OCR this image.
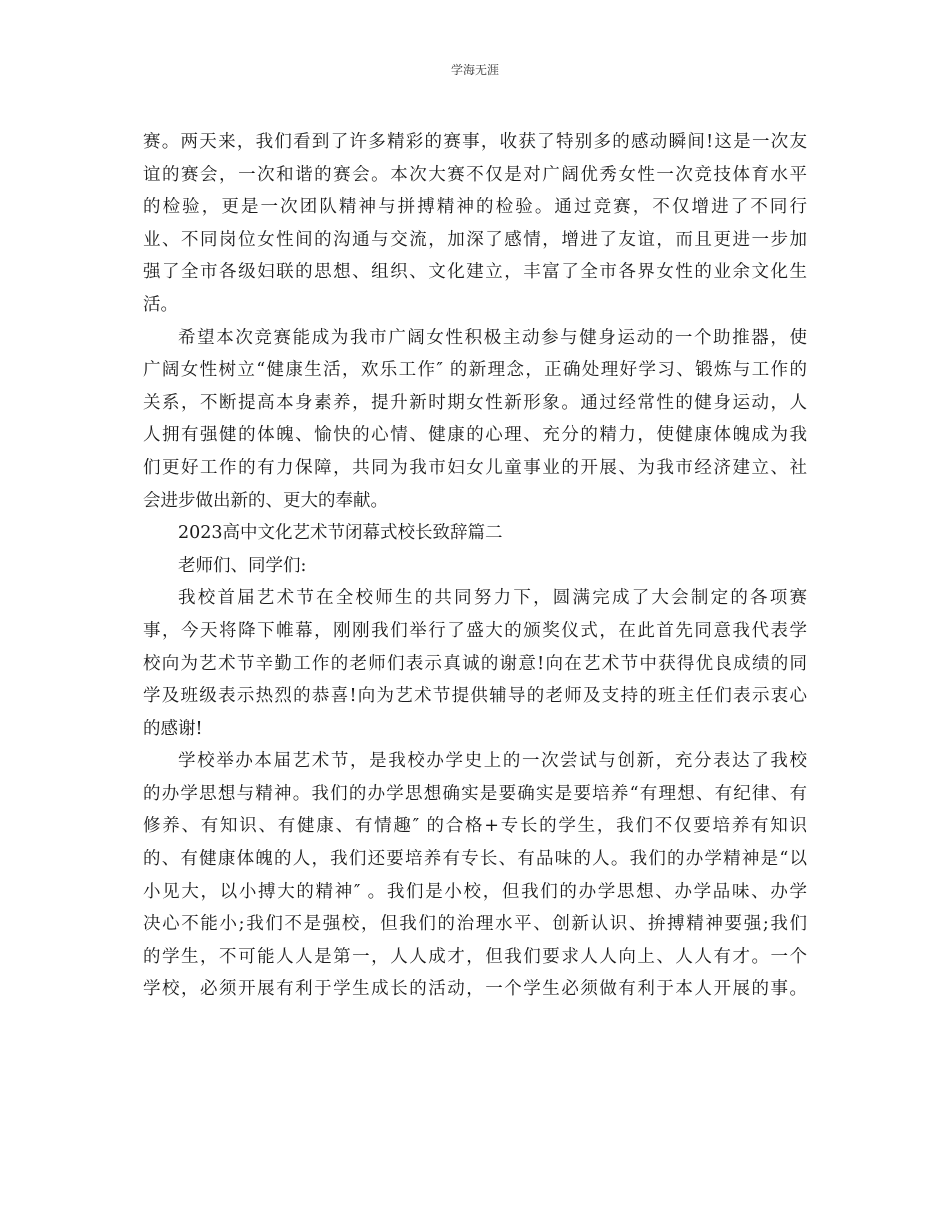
学海无涯
赛。两天来，我们看到了许多精彩的赛事，收获了特别多的感动瞬间!这是一次友
谊的赛会，一次和谐的赛会。本次大赛不仅是对广阔优秀女性一次竞技体育水平
的检验，更是一次团队精神与拼搏精神的检验。通过竞赛，不仅增进了不同行
业、不同岗位女性间的沟通与交流，加深了感情，增进了友谊，而且更进一步加
强了全市各级妇联的思想、组织、文化建立，丰富了全市各界女性的业余文化生
活。
希望本次竞赛能成为我市广阔女性积极主动参与健身运动的一个助推器，使
广阔女性树立“健康生活，欢乐工作″ 的新理念，正确处理好学习、锻炼与工作的
关系，不断提高本身素养，提升新时期女性新形象。通过经常性的健身运动，人
人拥有强健的体魄、愉快的心情、健康的心理、充分的精力，使健康体魄成为我
们更好工作的有力保障，共同为我市妇女儿童事业的开展、为我市经济建立、社
会进步做出新的、更大的奉献。
2023高中文化艺术节闭幕式校长致辞篇二
老师们、同学们:
我校首届艺术节在全校师生的共同努力下，圆满完成了大会制定的各项赛
事，今天将降下帷幕，刚刚我们举行了盛大的颁奖仪式，在此首先同意我代表学
校向为艺术节辛勤工作的老师们表示真诚的谢意!向在艺术节中获得优良成绩的同
学及班级表示热烈的恭喜!向为艺术节提供辅导的老师及支持的班主任们表示衷心
的感谢!
学校举办本届艺术节，是我校办学史上的一次尝试与创新，充分表达了我校
的办学思想与精神。我们的办学思想确实是要确实是要培养“有理想、有纪律、有
修养、有知识、有健康、有情趣″ 的合格+专长的学生，我们不仅要培养有知识
的、有健康体魄的人，我们还要培养有专长、有品味的人。我们的办学精神是“以
小见大，以小搏大的精神″ 。我们是小校，但我们的办学思想、办学品味、办学
决心不能小;我们不是强校，但我们的治理水平、创新认识、拚搏精神要强;我们
的学生，不可能人人是第一，人人成才，但我们要求人人向上、人人有才。一个
学校，必须开展有利于学生成长的活动，一个学生必须做有利于本人开展的事。
